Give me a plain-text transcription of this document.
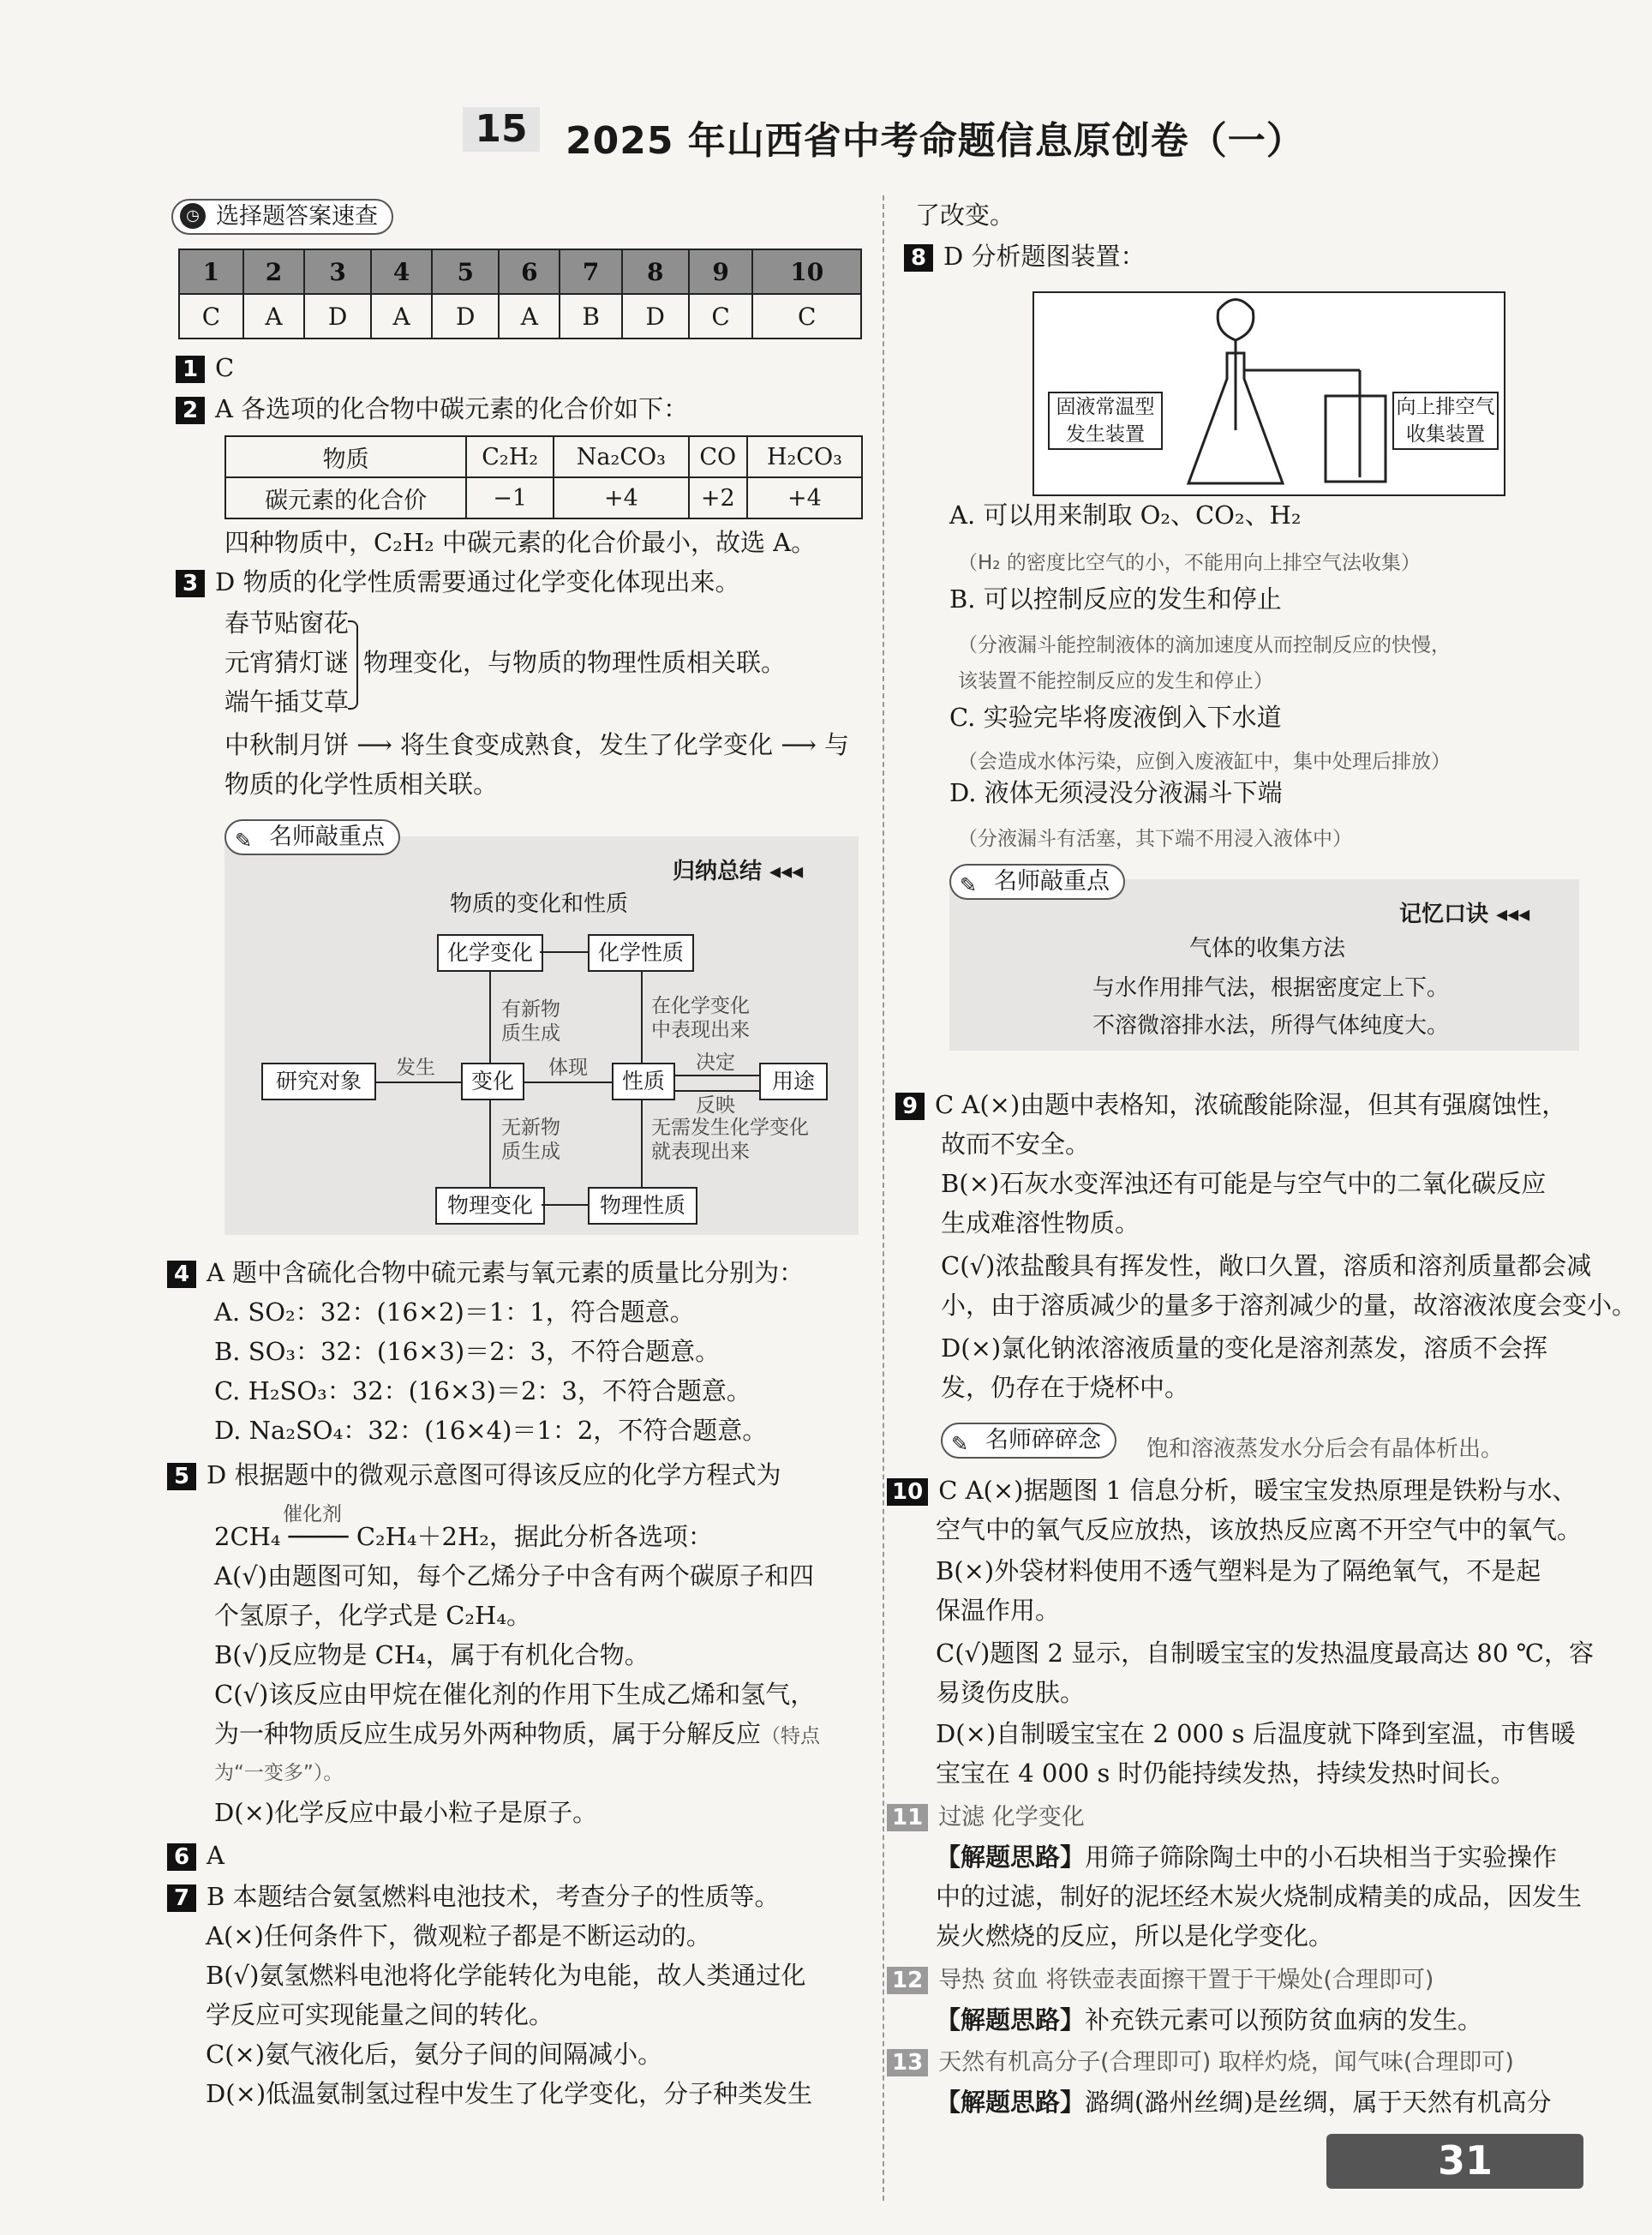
15	2025 年山西省中考命题信息原创卷（一）
◷ 选择题答案速查
1	2	3	4	5	6	7	8	9	10
C	A	D	A	D	A	B	D	C	C
1 C
2 A 各选项的化合物中碳元素的化合价如下：
物质	C₂H₂	Na₂CO₃	CO	H₂CO₃
碳元素的化合价	−1	+4	+2	+4
四种物质中，C₂H₂ 中碳元素的化合价最小，故选 A。
3 D 物质的化学性质需要通过化学变化体现出来。
春节贴窗花
元宵猜灯谜
端午插艾草
物理变化，与物质的物理性质相关联。
中秋制月饼 ⟶ 将生食变成熟食，发生了化学变化 ⟶ 与
物质的化学性质相关联。
✎ 名师敲重点
归纳总结 ◂◂◂
物质的变化和性质
化学变化	化学性质
研究对象	变化	性质	用途
物理变化	物理性质
有新物
质生成
在化学变化
中表现出来
发生	体现	决定
反映
无新物
质生成
无需发生化学变化
就表现出来
4 A 题中含硫化合物中硫元素与氧元素的质量比分别为：
A. SO₂：32：(16×2)＝1：1，符合题意。
B. SO₃：32：(16×3)＝2：3，不符合题意。
C. H₂SO₃：32：(16×3)＝2：3，不符合题意。
D. Na₂SO₄：32：(16×4)＝1：2，不符合题意。
5 D 根据题中的微观示意图可得该反应的化学方程式为
催化剂
2CH₄ ──── C₂H₄＋2H₂，据此分析各选项：
A(√)由题图可知，每个乙烯分子中含有两个碳原子和四
个氢原子，化学式是 C₂H₄。
B(√)反应物是 CH₄，属于有机化合物。
C(√)该反应由甲烷在催化剂的作用下生成乙烯和氢气，
为一种物质反应生成另外两种物质，属于分解反应（特点
为“一变多”）。
D(×)化学反应中最小粒子是原子。
6 A
7 B 本题结合氨氢燃料电池技术，考查分子的性质等。
A(×)任何条件下，微观粒子都是不断运动的。
B(√)氨氢燃料电池将化学能转化为电能，故人类通过化
学反应可实现能量之间的转化。
C(×)氨气液化后，氨分子间的间隔减小。
D(×)低温氨制氢过程中发生了化学变化，分子种类发生
了改变。
8 D 分析题图装置：
固液常温型
发生装置
向上排空气
收集装置
A. 可以用来制取 O₂、CO₂、H₂
（H₂ 的密度比空气的小，不能用向上排空气法收集）
B. 可以控制反应的发生和停止
（分液漏斗能控制液体的滴加速度从而控制反应的快慢，
该装置不能控制反应的发生和停止）
C. 实验完毕将废液倒入下水道
（会造成水体污染，应倒入废液缸中，集中处理后排放）
D. 液体无须浸没分液漏斗下端
（分液漏斗有活塞，其下端不用浸入液体中）
✎ 名师敲重点
记忆口诀 ◂◂◂
气体的收集方法
与水作用排气法，根据密度定上下。
不溶微溶排水法，所得气体纯度大。
9 C A(×)由题中表格知，浓硫酸能除湿，但其有强腐蚀性，
故而不安全。
B(×)石灰水变浑浊还有可能是与空气中的二氧化碳反应
生成难溶性物质。
C(√)浓盐酸具有挥发性，敞口久置，溶质和溶剂质量都会减
小，由于溶质减少的量多于溶剂减少的量，故溶液浓度会变小。
D(×)氯化钠浓溶液质量的变化是溶剂蒸发，溶质不会挥
发，仍存在于烧杯中。
✎ 名师碎碎念	饱和溶液蒸发水分后会有晶体析出。
10 C A(×)据题图 1 信息分析，暖宝宝发热原理是铁粉与水、
空气中的氧气反应放热，该放热反应离不开空气中的氧气。
B(×)外袋材料使用不透气塑料是为了隔绝氧气，不是起
保温作用。
C(√)题图 2 显示，自制暖宝宝的发热温度最高达 80 ℃，容
易烫伤皮肤。
D(×)自制暖宝宝在 2 000 s 后温度就下降到室温，市售暖
宝宝在 4 000 s 时仍能持续发热，持续发热时间长。
11 过滤 化学变化
【解题思路】用筛子筛除陶土中的小石块相当于实验操作
中的过滤，制好的泥坯经木炭火烧制成精美的成品，因发生
炭火燃烧的反应，所以是化学变化。
12 导热 贫血 将铁壶表面擦干置于干燥处(合理即可)
【解题思路】补充铁元素可以预防贫血病的发生。
13 天然有机高分子(合理即可) 取样灼烧，闻气味(合理即可)
【解题思路】潞绸(潞州丝绸)是丝绸，属于天然有机高分
31
